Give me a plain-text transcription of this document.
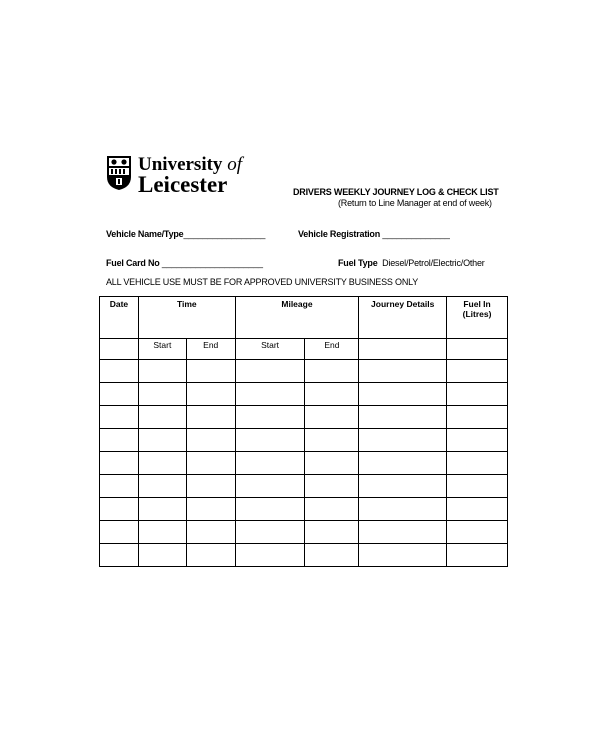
University of
Leicester	DRIVERS WEEKLY JOURNEY LOG & CHECK LIST
(Return to Line Manager at end of week)
Vehicle Name/Type_________________	Vehicle Registration ______________
Fuel Card No _____________________	Fuel Type Diesel/Petrol/Electric/Other
ALL VEHICLE USE MUST BE FOR APPROVED UNIVERSITY BUSINESS ONLY
Date	Time		Mileage		Journey Details	Fuel In
(Litres)
	Start	End	Start	End		
